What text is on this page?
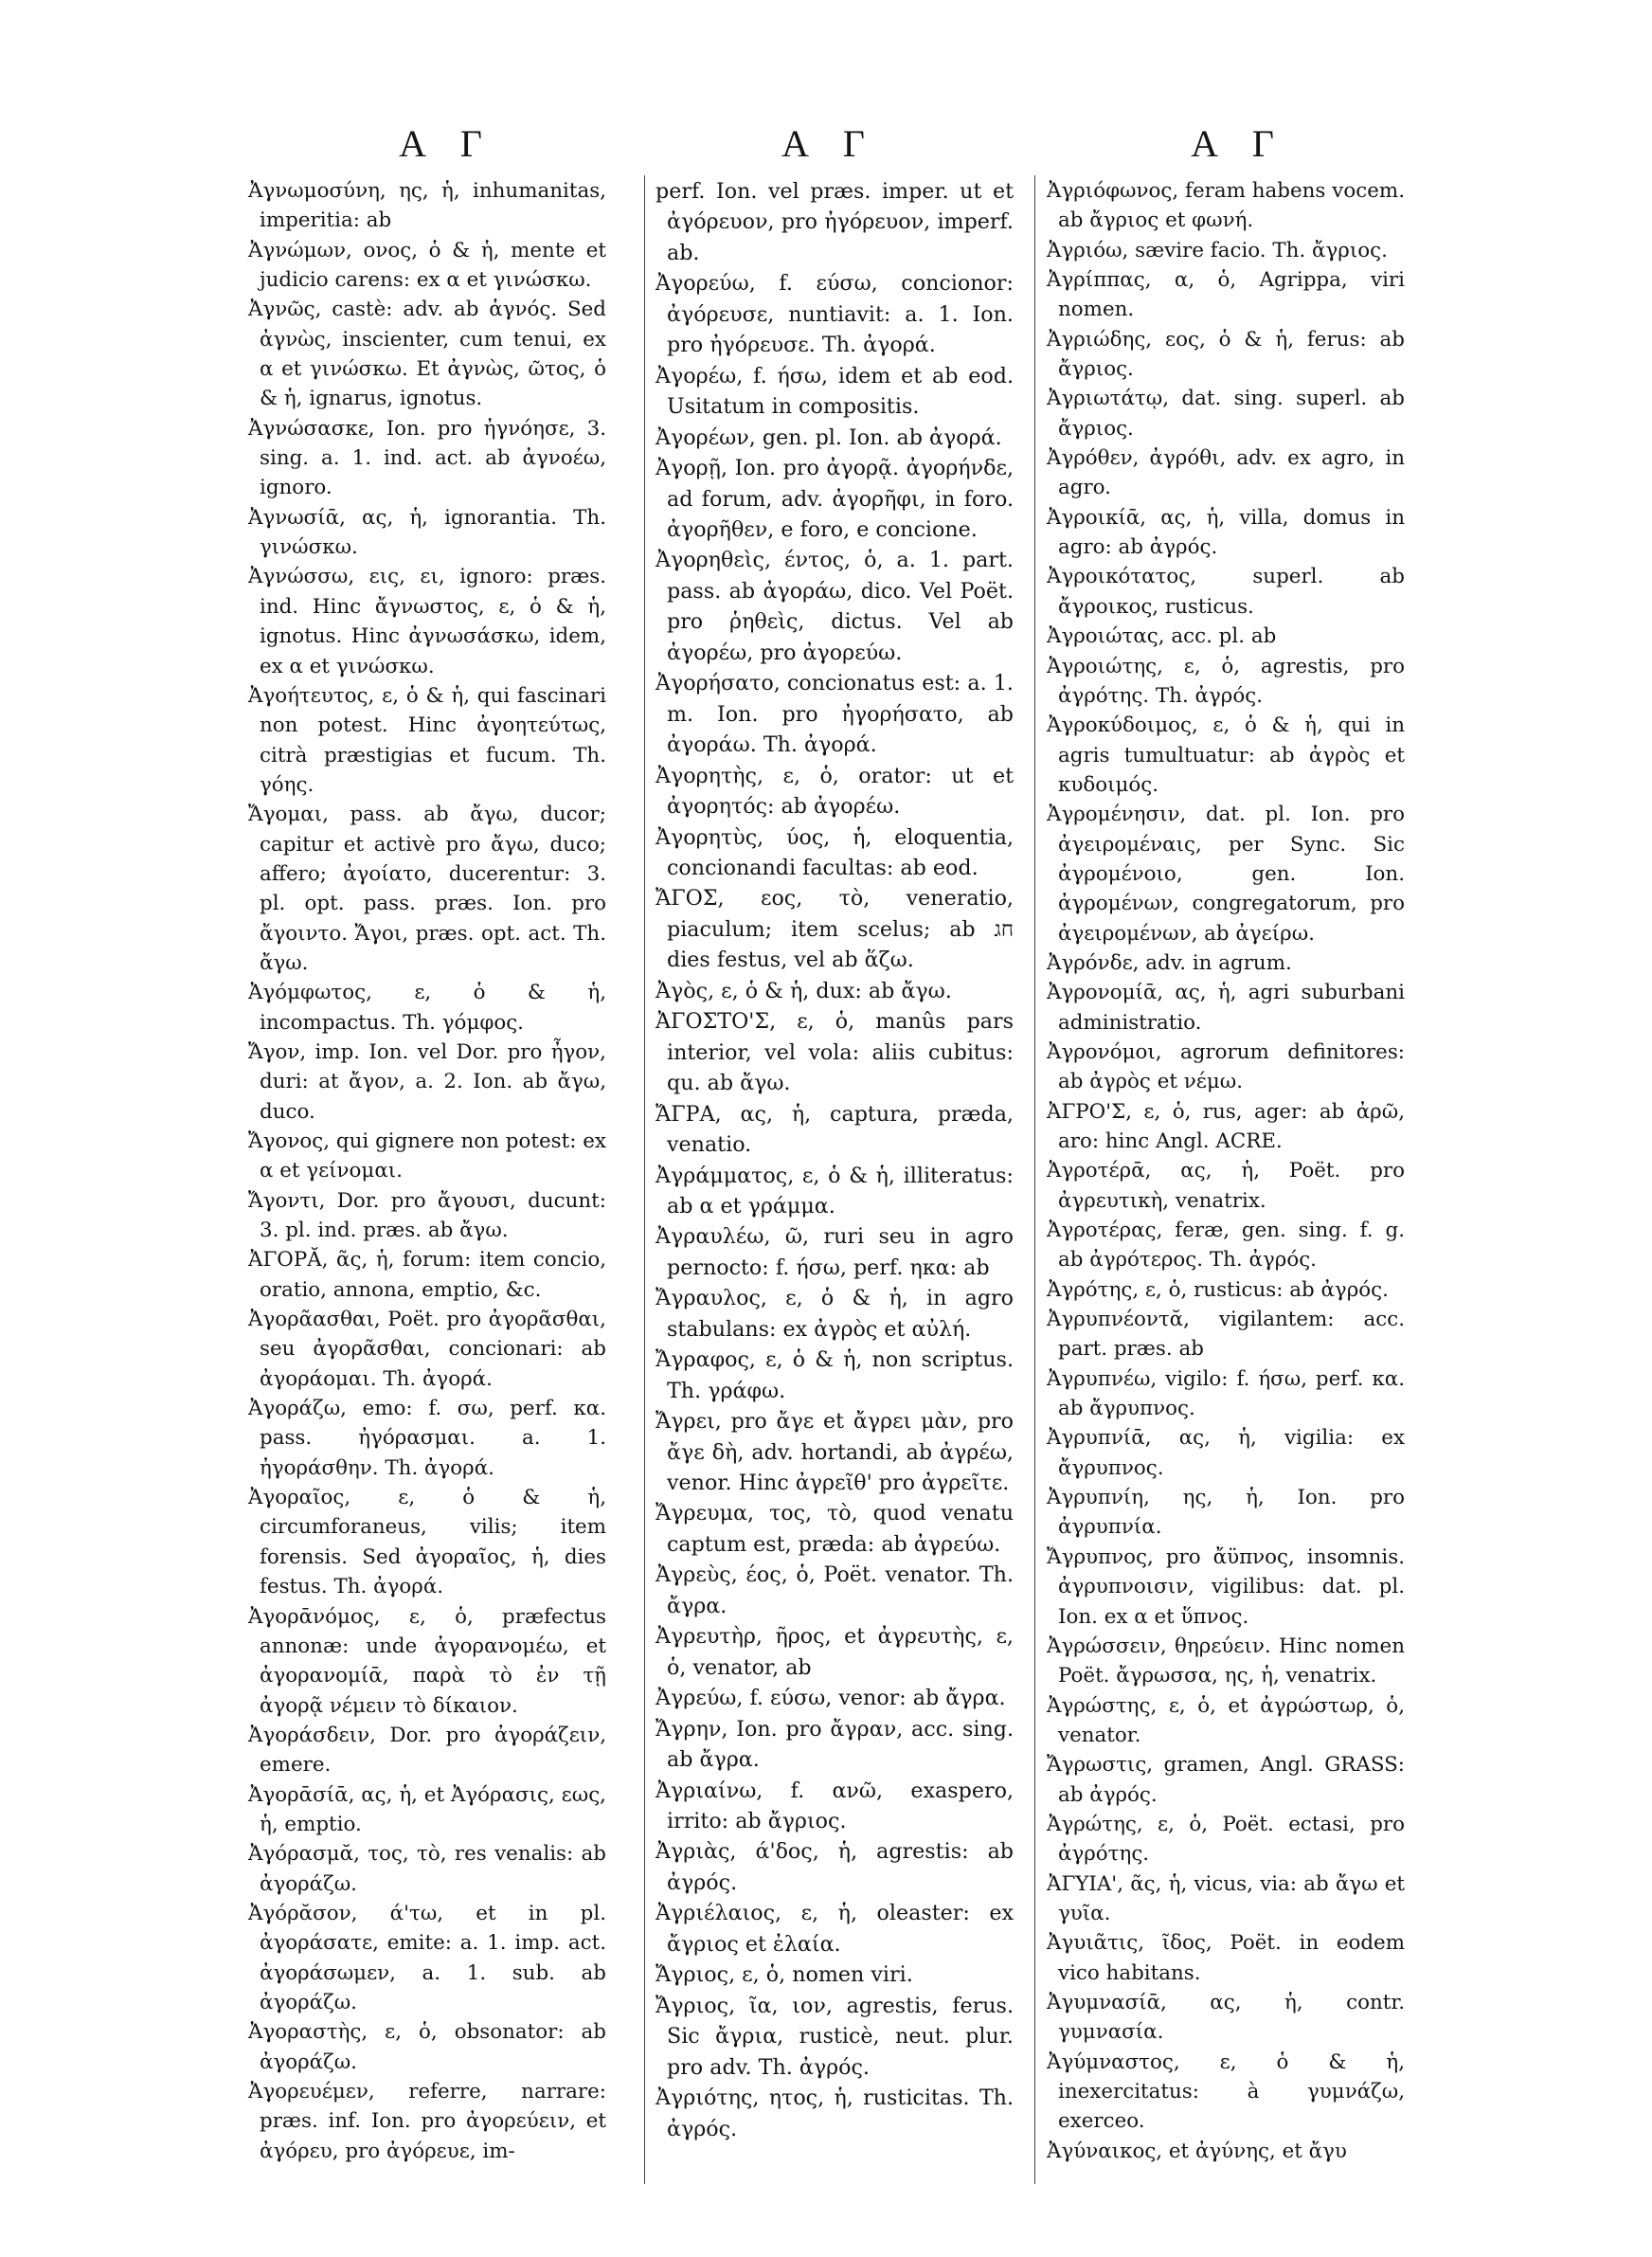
Α Γ	Α Γ	Α Γ
Ἀγνωμοσύνη, ης, ἡ, inhumanitas, imperitia: ab
Ἀγνώμων, ονος, ὁ & ἡ, mente et judicio carens: ex α et γινώσκω.
Ἀγνῶς, castè: adv. ab ἁγνός. Sed ἀγνὼς, inscienter, cum tenui, ex α et γινώσκω. Et ἀγνὼς, ῶτος, ὁ & ἡ, ignarus, ignotus.
Ἀγνώσασκε, Ion. pro ἠγνόησε, 3. sing. a. 1. ind. act. ab ἀγνοέω, ignoro.
Ἀγνωσίᾱ, ας, ἡ, ignorantia. Th. γινώσκω.
Ἀγνώσσω, εις, ει, ignoro: præs. ind. Hinc ἄγνωστος, ε, ὁ & ἡ, ignotus. Hinc ἀγνωσάσκω, idem, ex α et γινώσκω.
Ἀγοήτευτος, ε, ὁ & ἡ, qui fascinari non potest. Hinc ἀγοητεύτως, citrà præstigias et fucum. Th. γόης.
Ἄγομαι, pass. ab ἄγω, ducor; capitur et activè pro ἄγω, duco; affero; ἀγοίατο, ducerentur: 3. pl. opt. pass. præs. Ion. pro ἄγοιντο. Ἄγοι, præs. opt. act. Th. ἄγω.
Ἀγόμφωτος, ε, ὁ & ἡ, incompactus. Th. γόμφος.
Ἄγον, imp. Ion. vel Dor. pro ἦγον, duri: at ἄγον, a. 2. Ion. ab ἄγω, duco.
Ἄγονος, qui gignere non potest: ex α et γείνομαι.
Ἄγοντι, Dor. pro ἄγουσι, ducunt: 3. pl. ind. præs. ab ἄγω.
ἈΓΟΡᾸ, ᾶς, ἡ, forum: item concio, oratio, annona, emptio, &c.
Ἀγορᾶασθαι, Poët. pro ἀγορᾶσθαι, seu ἀγορᾶσθαι, concionari: ab ἀγοράομαι. Th. ἀγορά.
Ἀγοράζω, emo: f. σω, perf. κα. pass. ἠγόρασμαι. a. 1. ἠγοράσθην. Th. ἀγορά.
Ἀγοραῖος, ε, ὁ & ἡ, circumforaneus, vilis; item forensis. Sed ἀγοραῖος, ἡ, dies festus. Th. ἀγορά.
Ἀγορᾱνόμος, ε, ὁ, præfectus annonæ: unde ἀγορανομέω, et ἀγορανομίᾱ, παρὰ τὸ ἐν τῇ ἀγορᾷ νέμειν τὸ δίκαιον.
Ἀγοράσδειν, Dor. pro ἀγοράζειν, emere.
Ἀγορᾱσίᾱ, ας, ἡ, et Ἀγόρασις, εως, ἡ, emptio.
Ἀγόρασμᾰ, τος, τὸ, res venalis: ab ἀγοράζω.
Ἀγόρᾰσον, ά'τω, et in pl. ἀγοράσατε, emite: a. 1. imp. act. ἀγοράσωμεν, a. 1. sub. ab ἀγοράζω.
Ἀγοραστὴς, ε, ὁ, obsonator: ab ἀγοράζω.
Ἀγορευέμεν, referre, narrare: præs. inf. Ion. pro ἀγορεύειν, et ἀγόρευ, pro ἀγόρευε, im-
perf. Ion. vel præs. imper. ut et ἀγόρευον, pro ἠγόρευον, imperf. ab.
Ἀγορεύω, f. εύσω, concionor: ἀγόρευσε, nuntiavit: a. 1. Ion. pro ἠγόρευσε. Th. ἀγορά.
Ἀγορέω, f. ήσω, idem et ab eod. Usitatum in compositis.
Ἀγορέων, gen. pl. Ion. ab ἀγορά.
Ἀγορῇ, Ion. pro ἀγορᾷ. ἀγορήνδε, ad forum, adv. ἀγορῆφι, in foro. ἀγορῆθεν, e foro, e concione.
Ἀγορηθεὶς, έντος, ὁ, a. 1. part. pass. ab ἀγοράω, dico. Vel Poët. pro ῥηθεὶς, dictus. Vel ab ἀγορέω, pro ἀγορεύω.
Ἀγορήσατο, concionatus est: a. 1. m. Ion. pro ἠγορήσατο, ab ἀγοράω. Th. ἀγορά.
Ἀγορητὴς, ε, ὁ, orator: ut et ἀγορητός: ab ἀγορέω.
Ἀγορητὺς, ύος, ἡ, eloquentia, concionandi facultas: ab eod.
ἌΓΟΣ, εος, τὸ, veneratio, piaculum; item scelus; ab חג dies festus, vel ab ἅζω.
Ἀγὸς, ε, ὁ & ἡ, dux: ab ἄγω.
ἈΓΟΣΤΟ'Σ, ε, ὁ, manûs pars interior, vel vola: aliis cubitus: qu. ab ἄγω.
ἌΓΡΑ, ας, ἡ, captura, præda, venatio.
Ἀγράμματος, ε, ὁ & ἡ, illiteratus: ab α et γράμμα.
Ἀγραυλέω, ῶ, ruri seu in agro pernocto: f. ήσω, perf. ηκα: ab
Ἄγραυλος, ε, ὁ & ἡ, in agro stabulans: ex ἀγρὸς et αὐλή.
Ἄγραφος, ε, ὁ & ἡ, non scriptus. Th. γράφω.
Ἄγρει, pro ἄγε et ἄγρει μὰν, pro ἄγε δὴ, adv. hortandi, ab ἀγρέω, venor. Hinc ἀγρεῖθ' pro ἀγρεῖτε.
Ἄγρευμα, τος, τὸ, quod venatu captum est, præda: ab ἀγρεύω.
Ἀγρεὺς, έος, ὁ, Poët. venator. Th. ἄγρα.
Ἀγρευτὴρ, ῆρος, et ἀγρευτὴς, ε, ὁ, venator, ab
Ἀγρεύω, f. εύσω, venor: ab ἄγρα.
Ἄγρην, Ion. pro ἄγραν, acc. sing. ab ἄγρα.
Ἀγριαίνω, f. ανῶ, exaspero, irrito: ab ἄγριος.
Ἀγριὰς, ά'δος, ἡ, agrestis: ab ἀγρός.
Ἀγριέλαιος, ε, ἡ, oleaster: ex ἄγριος et ἐλαία.
Ἄγριος, ε, ὁ, nomen viri.
Ἄγριος, ῖα, ιον, agrestis, ferus. Sic ἄγρια, rusticè, neut. plur. pro adv. Th. ἀγρός.
Ἀγριότης, ητος, ἡ, rusticitas. Th. ἀγρός.
Ἀγριόφωνος, feram habens vocem. ab ἄγριος et φωνή.
Ἀγριόω, sævire facio. Th. ἄγριος.
Ἀγρίππας, α, ὁ, Agrippa, viri nomen.
Ἀγριώδης, εος, ὁ & ἡ, ferus: ab ἄγριος.
Ἀγριωτάτῳ, dat. sing. superl. ab ἄγριος.
Ἀγρόθεν, ἀγρόθι, adv. ex agro, in agro.
Ἀγροικίᾱ, ας, ἡ, villa, domus in agro: ab ἀγρός.
Ἀγροικότατος, superl. ab ἄγροικος, rusticus.
Ἀγροιώτας, acc. pl. ab
Ἀγροιώτης, ε, ὁ, agrestis, pro ἀγρότης. Th. ἀγρός.
Ἀγροκύδοιμος, ε, ὁ & ἡ, qui in agris tumultuatur: ab ἀγρὸς et κυδοιμός.
Ἀγρομένησιν, dat. pl. Ion. pro ἀγειρομέναις, per Sync. Sic ἀγρομένοιο, gen. Ion. ἀγρομένων, congregatorum, pro ἀγειρομένων, ab ἀγείρω.
Ἀγρόνδε, adv. in agrum.
Ἀγρονομίᾱ, ας, ἡ, agri suburbani administratio.
Ἀγρονόμοι, agrorum definitores: ab ἀγρὸς et νέμω.
ἈΓΡΟ'Σ, ε, ὁ, rus, ager: ab ἀρῶ, aro: hinc Angl. ACRE.
Ἀγροτέρᾱ, ας, ἡ, Poët. pro ἀγρευτικὴ, venatrix.
Ἀγροτέρας, feræ, gen. sing. f. g. ab ἀγρότερος. Th. ἀγρός.
Ἀγρότης, ε, ὁ, rusticus: ab ἀγρός.
Ἀγρυπνέοντᾰ, vigilantem: acc. part. præs. ab
Ἀγρυπνέω, vigilo: f. ήσω, perf. κα. ab ἄγρυπνος.
Ἀγρυπνίᾱ, ας, ἡ, vigilia: ex ἄγρυπνος.
Ἀγρυπνίη, ης, ἡ, Ion. pro ἀγρυπνία.
Ἄγρυπνος, pro ἄϋπνος, insomnis. ἀγρυπνοισιν, vigilibus: dat. pl. Ion. ex α et ὕπνος.
Ἀγρώσσειν, θηρεύειν. Hinc nomen Poët. ἄγρωσσα, ης, ἡ, venatrix.
Ἀγρώστης, ε, ὁ, et ἀγρώστωρ, ὁ, venator.
Ἄγρωστις, gramen, Angl. GRASS: ab ἀγρός.
Ἀγρώτης, ε, ὁ, Poët. ectasi, pro ἀγρότης.
ἈΓΥΙΑ', ᾶς, ἡ, vicus, via: ab ἄγω et γυῖα.
Ἀγυιᾶτις, ῖδος, Poët. in eodem vico habitans.
Ἀγυμνασίᾱ, ας, ἡ, contr. γυμνασία.
Ἀγύμναστος, ε, ὁ & ἡ, inexercitatus: à γυμνάζω, exerceo.
Ἀγύναικος, et ἀγύνης, et ἄγυ
